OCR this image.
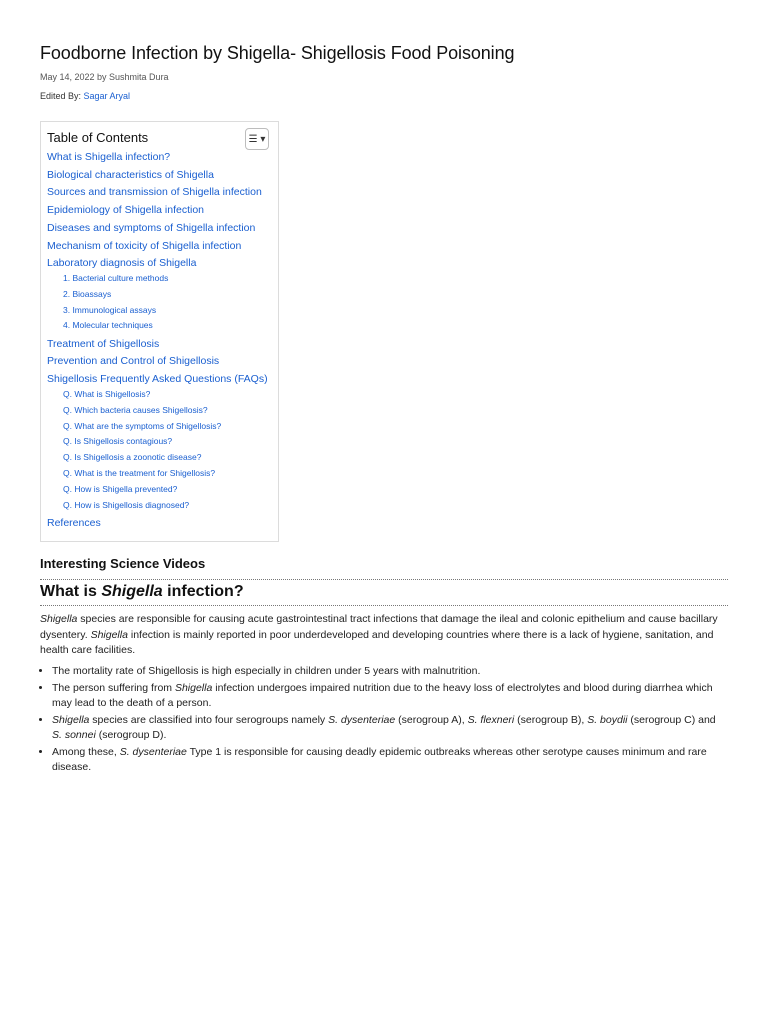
Foodborne Infection by Shigella- Shigellosis Food Poisoning
May 14, 2022 by Sushmita Dura
Edited By: Sagar Aryal
Table of Contents	☰ ▾
What is Shigella infection?
Biological characteristics of Shigella
Sources and transmission of Shigella infection
Epidemiology of Shigella infection
Diseases and symptoms of Shigella infection
Mechanism of toxicity of Shigella infection
Laboratory diagnosis of Shigella
1. Bacterial culture methods
2. Bioassays
3. Immunological assays
4. Molecular techniques
Treatment of Shigellosis
Prevention and Control of Shigellosis
Shigellosis Frequently Asked Questions (FAQs)
Q. What is Shigellosis?
Q. Which bacteria causes Shigellosis?
Q. What are the symptoms of Shigellosis?
Q. Is Shigellosis contagious?
Q. Is Shigellosis a zoonotic disease?
Q. What is the treatment for Shigellosis?
Q. How is Shigella prevented?
Q. How is Shigellosis diagnosed?
References
Interesting Science Videos
What is Shigella infection?

Shigella species are responsible for causing acute gastrointestinal tract infections that damage the ileal and colonic epithelium and cause bacillary dysentery. Shigella infection is mainly reported in poor underdeveloped and developing countries where there is a lack of hygiene, sanitation, and health care facilities.

• The mortality rate of Shigellosis is high especially in children under 5 years with malnutrition.
• The person suffering from Shigella infection undergoes impaired nutrition due to the heavy loss of electrolytes and blood during diarrhea which may lead to the death of a person.
• Shigella species are classified into four serogroups namely S. dysenteriae (serogroup A), S. flexneri (serogroup B), S. boydii (serogroup C) and S. sonnei (serogroup D).
• Among these, S. dysenteriae Type 1 is responsible for causing deadly epidemic outbreaks whereas other serotype causes minimum and rare disease.
